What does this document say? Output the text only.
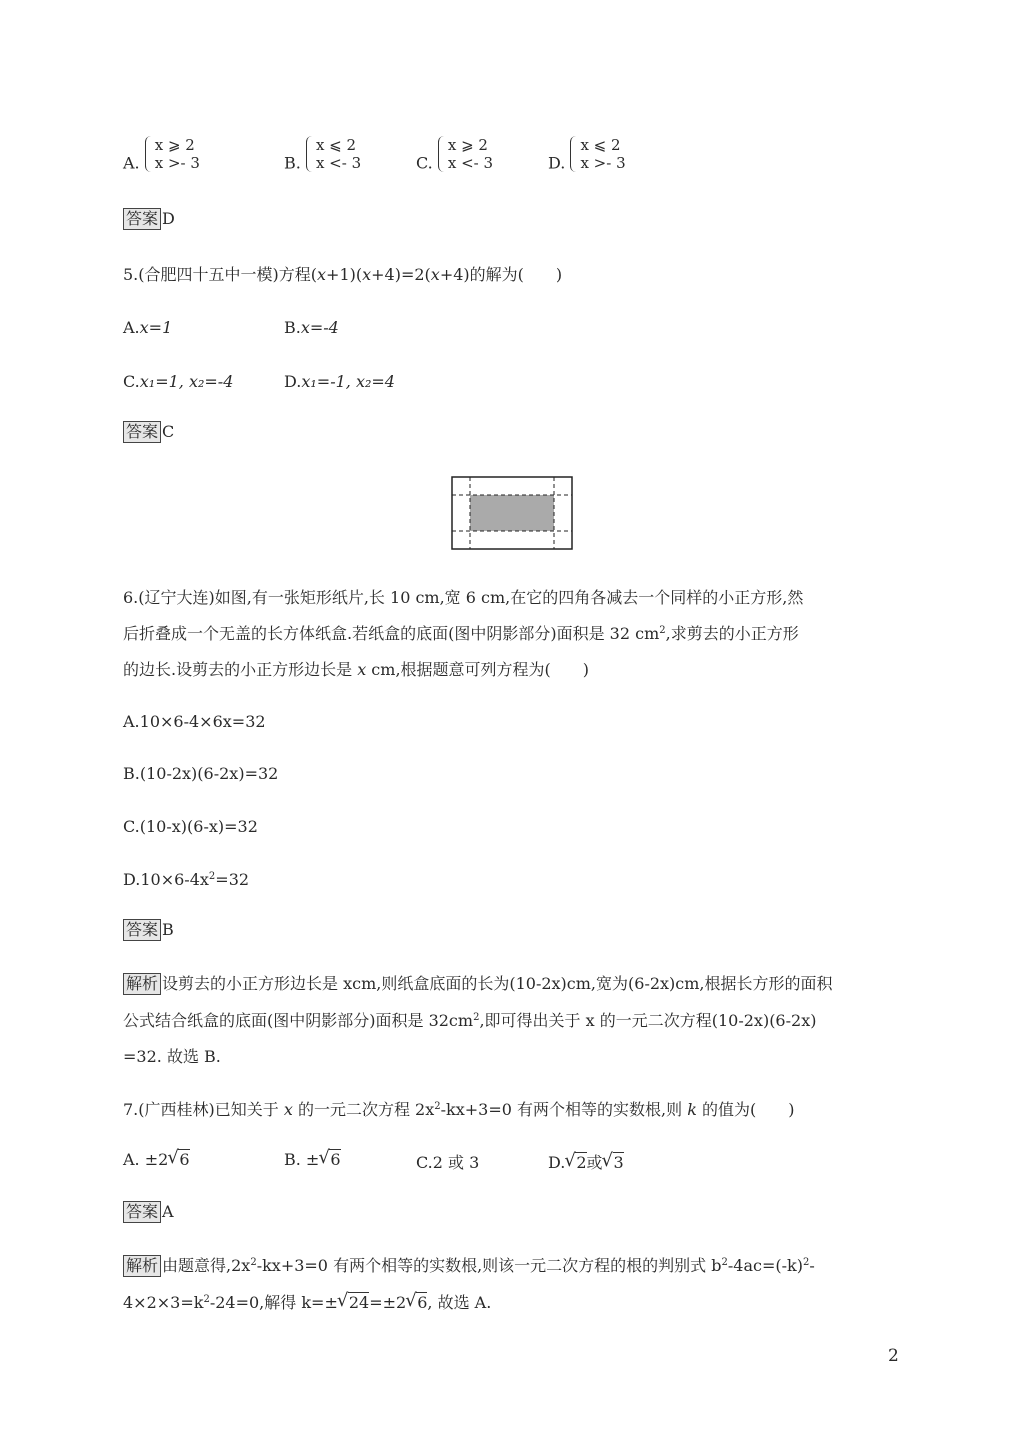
A.
x ⩾ 2
x >- 3	B.
x ⩽ 2
x <- 3	C.
x ⩾ 2
x <- 3	D.
x ⩽ 2
x >- 3
答案 D
5.(合肥四十五中一模)方程(x+1)(x+4)=2(x+4)的解为(　　)
A.x=1	B.x=-4
C.x₁=1, x₂=-4	D.x₁=-1, x₂=4
答案 C
6.(辽宁大连)如图,有一张矩形纸片,长 10 cm,宽 6 cm,在它的四角各减去一个同样的小正方形,然
后折叠成一个无盖的长方体纸盒.若纸盒的底面(图中阴影部分)面积是 32 $cm^2$,求剪去的小正方形
的边长.设剪去的小正方形边长是 x cm,根据题意可列方程为(　　)
A.10×6-4×6x=32
B.(10-2x)(6-2x)=32
C.(10-x)(6-x)=32
$D.10\times 6-4x^2=32$
答案 B
解析 设剪去的小正方形边长是 xcm,则纸盒底面的长为(10-2x)cm,宽为(6-2x)cm,根据长方形的面积
公式结合纸盒的底面(图中阴影部分)面积是 $32cm^2$,即可得出关于 x 的一元二次方程(10-2x)(6-2x)
=32. 故选 B.
7.(广西桂林)已知关于 x 的一元二次方程 $2x^2-kx+3=0$ 有两个相等的实数根,则 k 的值为(　　)
A. ±2 √ 6	B. ± √ 6	C.2 或 3	D. √ 2或 √ 3
答案 A
解析 由题意得$,2x^2-kx+3=0$ 有两个相等的实数根,则该一元二次方程的根的判别式 $b^2-4ac=(-k)^2-$
$4\times 2\times 3=k^2-24=0$,解得 k=± √ 24=±2 √ 6, 故选 A.
2
